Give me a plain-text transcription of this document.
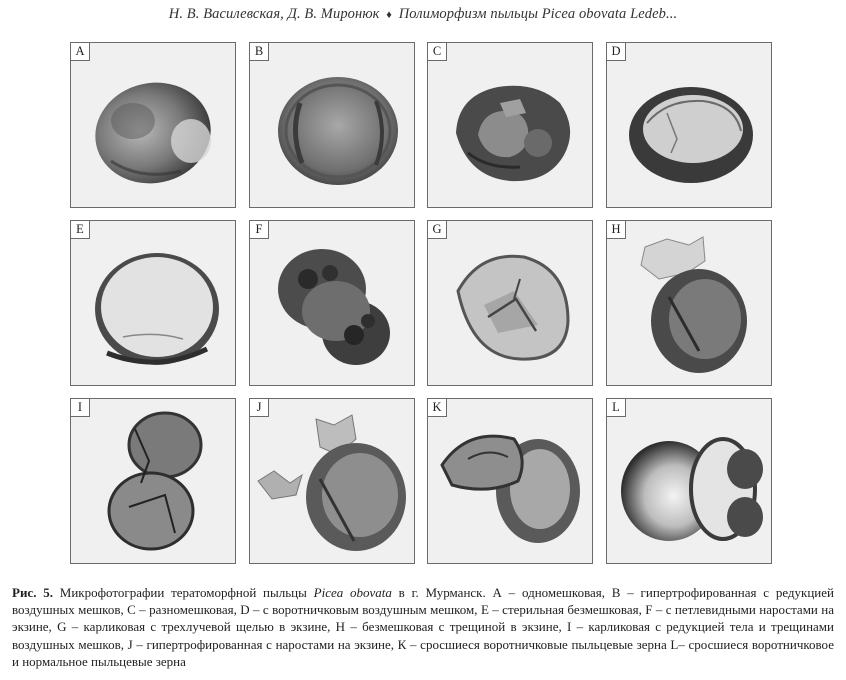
Н. В. Василевская, Д. В. Миронюк ♦ Полиморфизм пыльцы Picea obovata Ledeb...
A	B	C	D
E	F	G	H
I	J	K	L
Рис. 5. Микрофотографии тератоморфной пыльцы Picea obovata в г. Мурманск. А – одномешковая, В – гипертрофированная с редукцией воздушных мешков, С – разномешковая, D – с воротничковым воздушным мешком, Е – стерильная безмешковая, F – с петлевидными наростами на экзине, G – карликовая с трехлучевой щелью в экзине, Н – безмешковая с трещиной в экзине, I – карликовая с редукцией тела и трещинами воздушных мешков, J – гипертрофированная с наростами на экзине, К – сросшиеся воротничковые пыльцевые зерна L– сросшиеся воротничковое и нормальное пыльцевые зерна
